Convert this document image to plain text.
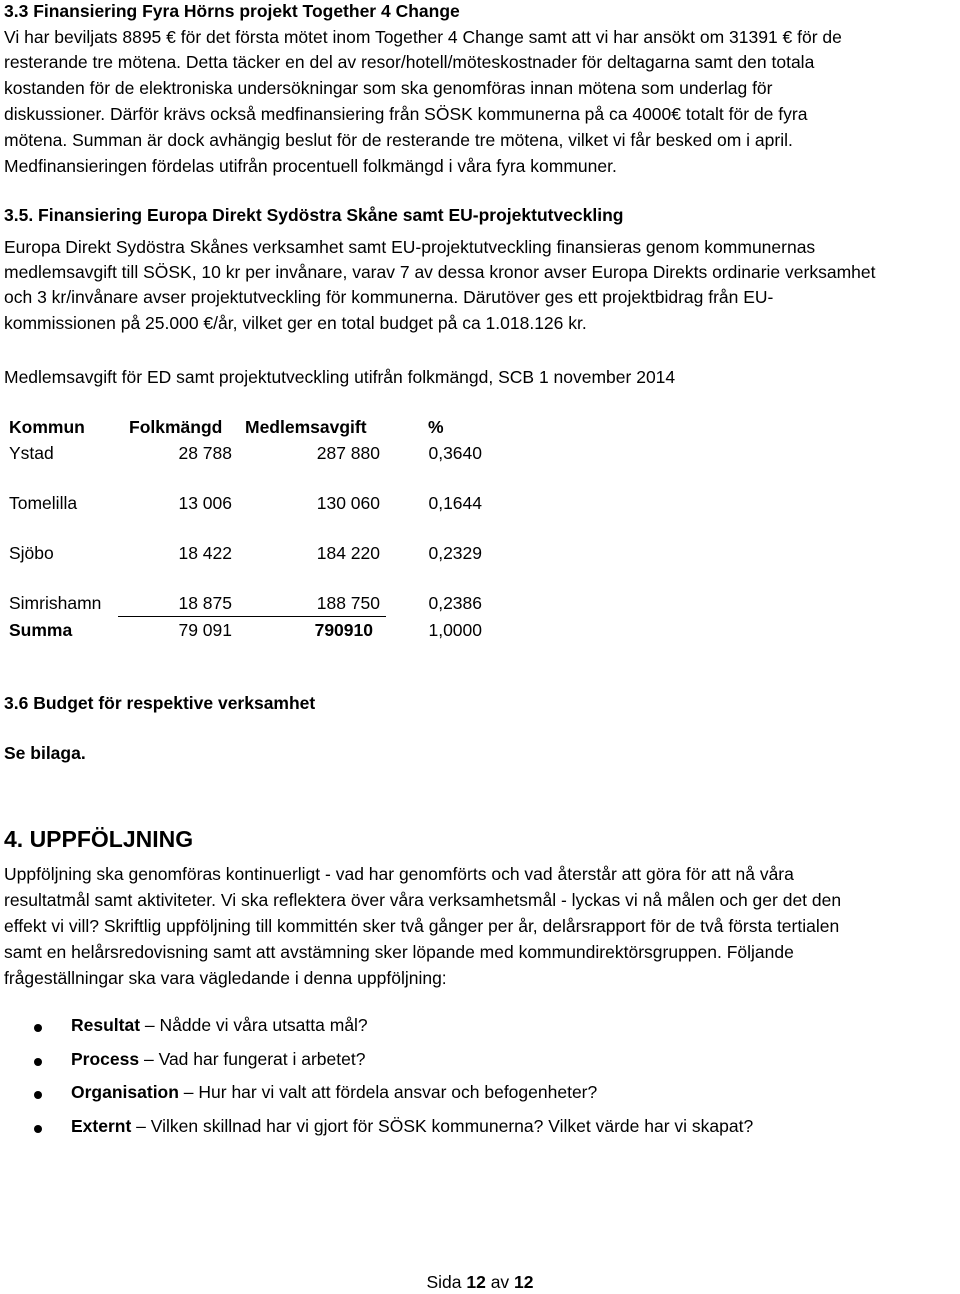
3.3 Finansiering Fyra Hörns projekt Together 4 Change
Vi har beviljats 8895 € för det första mötet inom Together 4 Change samt att vi har ansökt om 31391 € för de
resterande tre mötena. Detta täcker en del av resor/hotell/möteskostnader för deltagarna samt den totala
kostanden för de elektroniska undersökningar som ska genomföras innan mötena som underlag för
diskussioner. Därför krävs också medfinansiering från SÖSK kommunerna på ca 4000€ totalt för de fyra
mötena. Summan är dock avhängig beslut för de resterande tre mötena, vilket vi får besked om i april.
Medfinansieringen fördelas utifrån procentuell folkmängd i våra fyra kommuner.
3.5. Finansiering Europa Direkt Sydöstra Skåne samt EU-projektutveckling
Europa Direkt Sydöstra Skånes verksamhet samt EU-projektutveckling finansieras genom kommunernas
medlemsavgift till SÖSK, 10 kr per invånare, varav 7 av dessa kronor avser Europa Direkts ordinarie verksamhet
och 3 kr/invånare avser projektutveckling för kommunerna. Därutöver ges ett projektbidrag från EU-
kommissionen på 25.000 €/år, vilket ger en total budget på ca 1.018.126 kr.
Medlemsavgift för ED samt projektutveckling utifrån folkmängd, SCB 1 november 2014
Kommun	Folkmängd Medlemsavgift	%
Ystad	28 788	287 880	0,3640
Tomelilla	13 006	130 060	0,1644
Sjöbo	18 422	184 220	0,2329
Simrishamn	18 875	188 750	0,2386
Summa	79 091	790910	1,0000
3.6 Budget för respektive verksamhet
Se bilaga.
4. UPPFÖLJNING
Uppföljning ska genomföras kontinuerligt - vad har genomförts och vad återstår att göra för att nå våra
resultatmål samt aktiviteter. Vi ska reflektera över våra verksamhetsmål - lyckas vi nå målen och ger det den
effekt vi vill? Skriftlig uppföljning till kommittén sker två gånger per år, delårsrapport för de två första tertialen
samt en helårsredovisning samt att avstämning sker löpande med kommundirektörsgruppen. Följande
frågeställningar ska vara vägledande i denna uppföljning:
Resultat – Nådde vi våra utsatta mål?
Process – Vad har fungerat i arbetet?
Organisation – Hur har vi valt att fördela ansvar och befogenheter?
Externt – Vilken skillnad har vi gjort för SÖSK kommunerna? Vilket värde har vi skapat?
Sida 12 av 12
